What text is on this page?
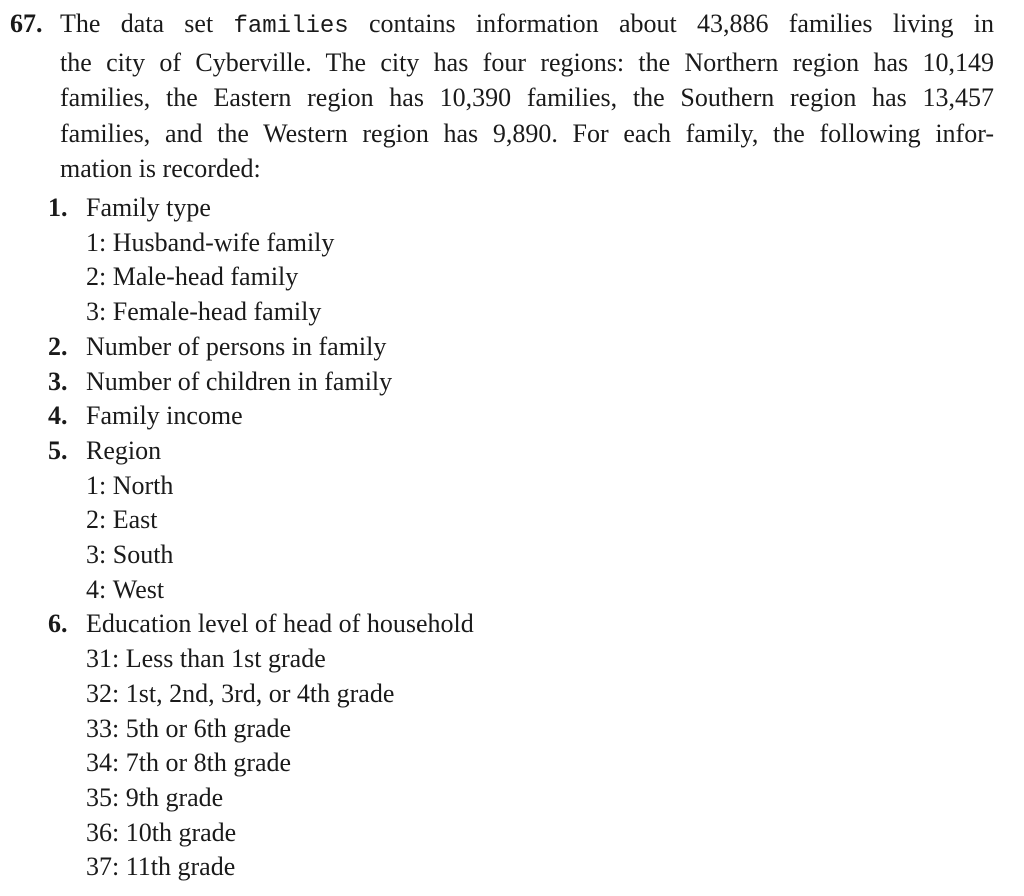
67. The data set families contains information about 43,886 families living in
the city of Cyberville. The city has four regions: the Northern region has 10,149
families, the Eastern region has 10,390 families, the Southern region has 13,457
families, and the Western region has 9,890. For each family, the following infor-
mation is recorded:
1. Family type
1: Husband-wife family
2: Male-head family
3: Female-head family
2. Number of persons in family
3. Number of children in family
4. Family income
5. Region
1: North
2: East
3: South
4: West
6. Education level of head of household
31: Less than 1st grade
32: 1st, 2nd, 3rd, or 4th grade
33: 5th or 6th grade
34: 7th or 8th grade
35: 9th grade
36: 10th grade
37: 11th grade
